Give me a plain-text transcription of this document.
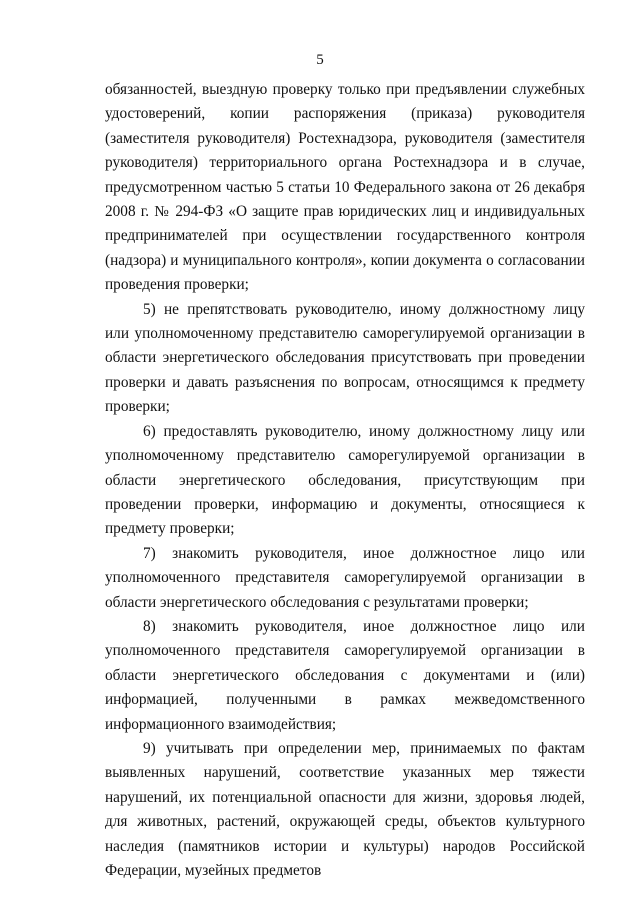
5

обязанностей, выездную проверку только при предъявлении служебных удостоверений, копии распоряжения (приказа) руководителя (заместителя руководителя) Ростехнадзора, руководителя (заместителя руководителя) территориального органа Ростехнадзора и в случае, предусмотренном частью 5 статьи 10 Федерального закона от 26 декабря 2008 г. № 294-ФЗ «О защите прав юридических лиц и индивидуальных предпринимателей при осуществлении государственного контроля (надзора) и муниципального контроля», копии документа о согласовании проведения проверки;

5) не препятствовать руководителю, иному должностному лицу или уполномоченному представителю саморегулируемой организации в области энергетического обследования присутствовать при проведении проверки и давать разъяснения по вопросам, относящимся к предмету проверки;

6) предоставлять руководителю, иному должностному лицу или уполномоченному представителю саморегулируемой организации в области энергетического обследования, присутствующим при проведении проверки, информацию и документы, относящиеся к предмету проверки;

7) знакомить руководителя, иное должностное лицо или уполномоченного представителя саморегулируемой организации в области энергетического обследования с результатами проверки;

8) знакомить руководителя, иное должностное лицо или уполномоченного представителя саморегулируемой организации в области энергетического обследования с документами и (или) информацией, полученными в рамках межведомственного информационного взаимодействия;

9) учитывать при определении мер, принимаемых по фактам выявленных нарушений, соответствие указанных мер тяжести нарушений, их потенциальной опасности для жизни, здоровья людей, для животных, растений, окружающей среды, объектов культурного наследия (памятников истории и культуры) народов Российской Федерации, музейных предметов
